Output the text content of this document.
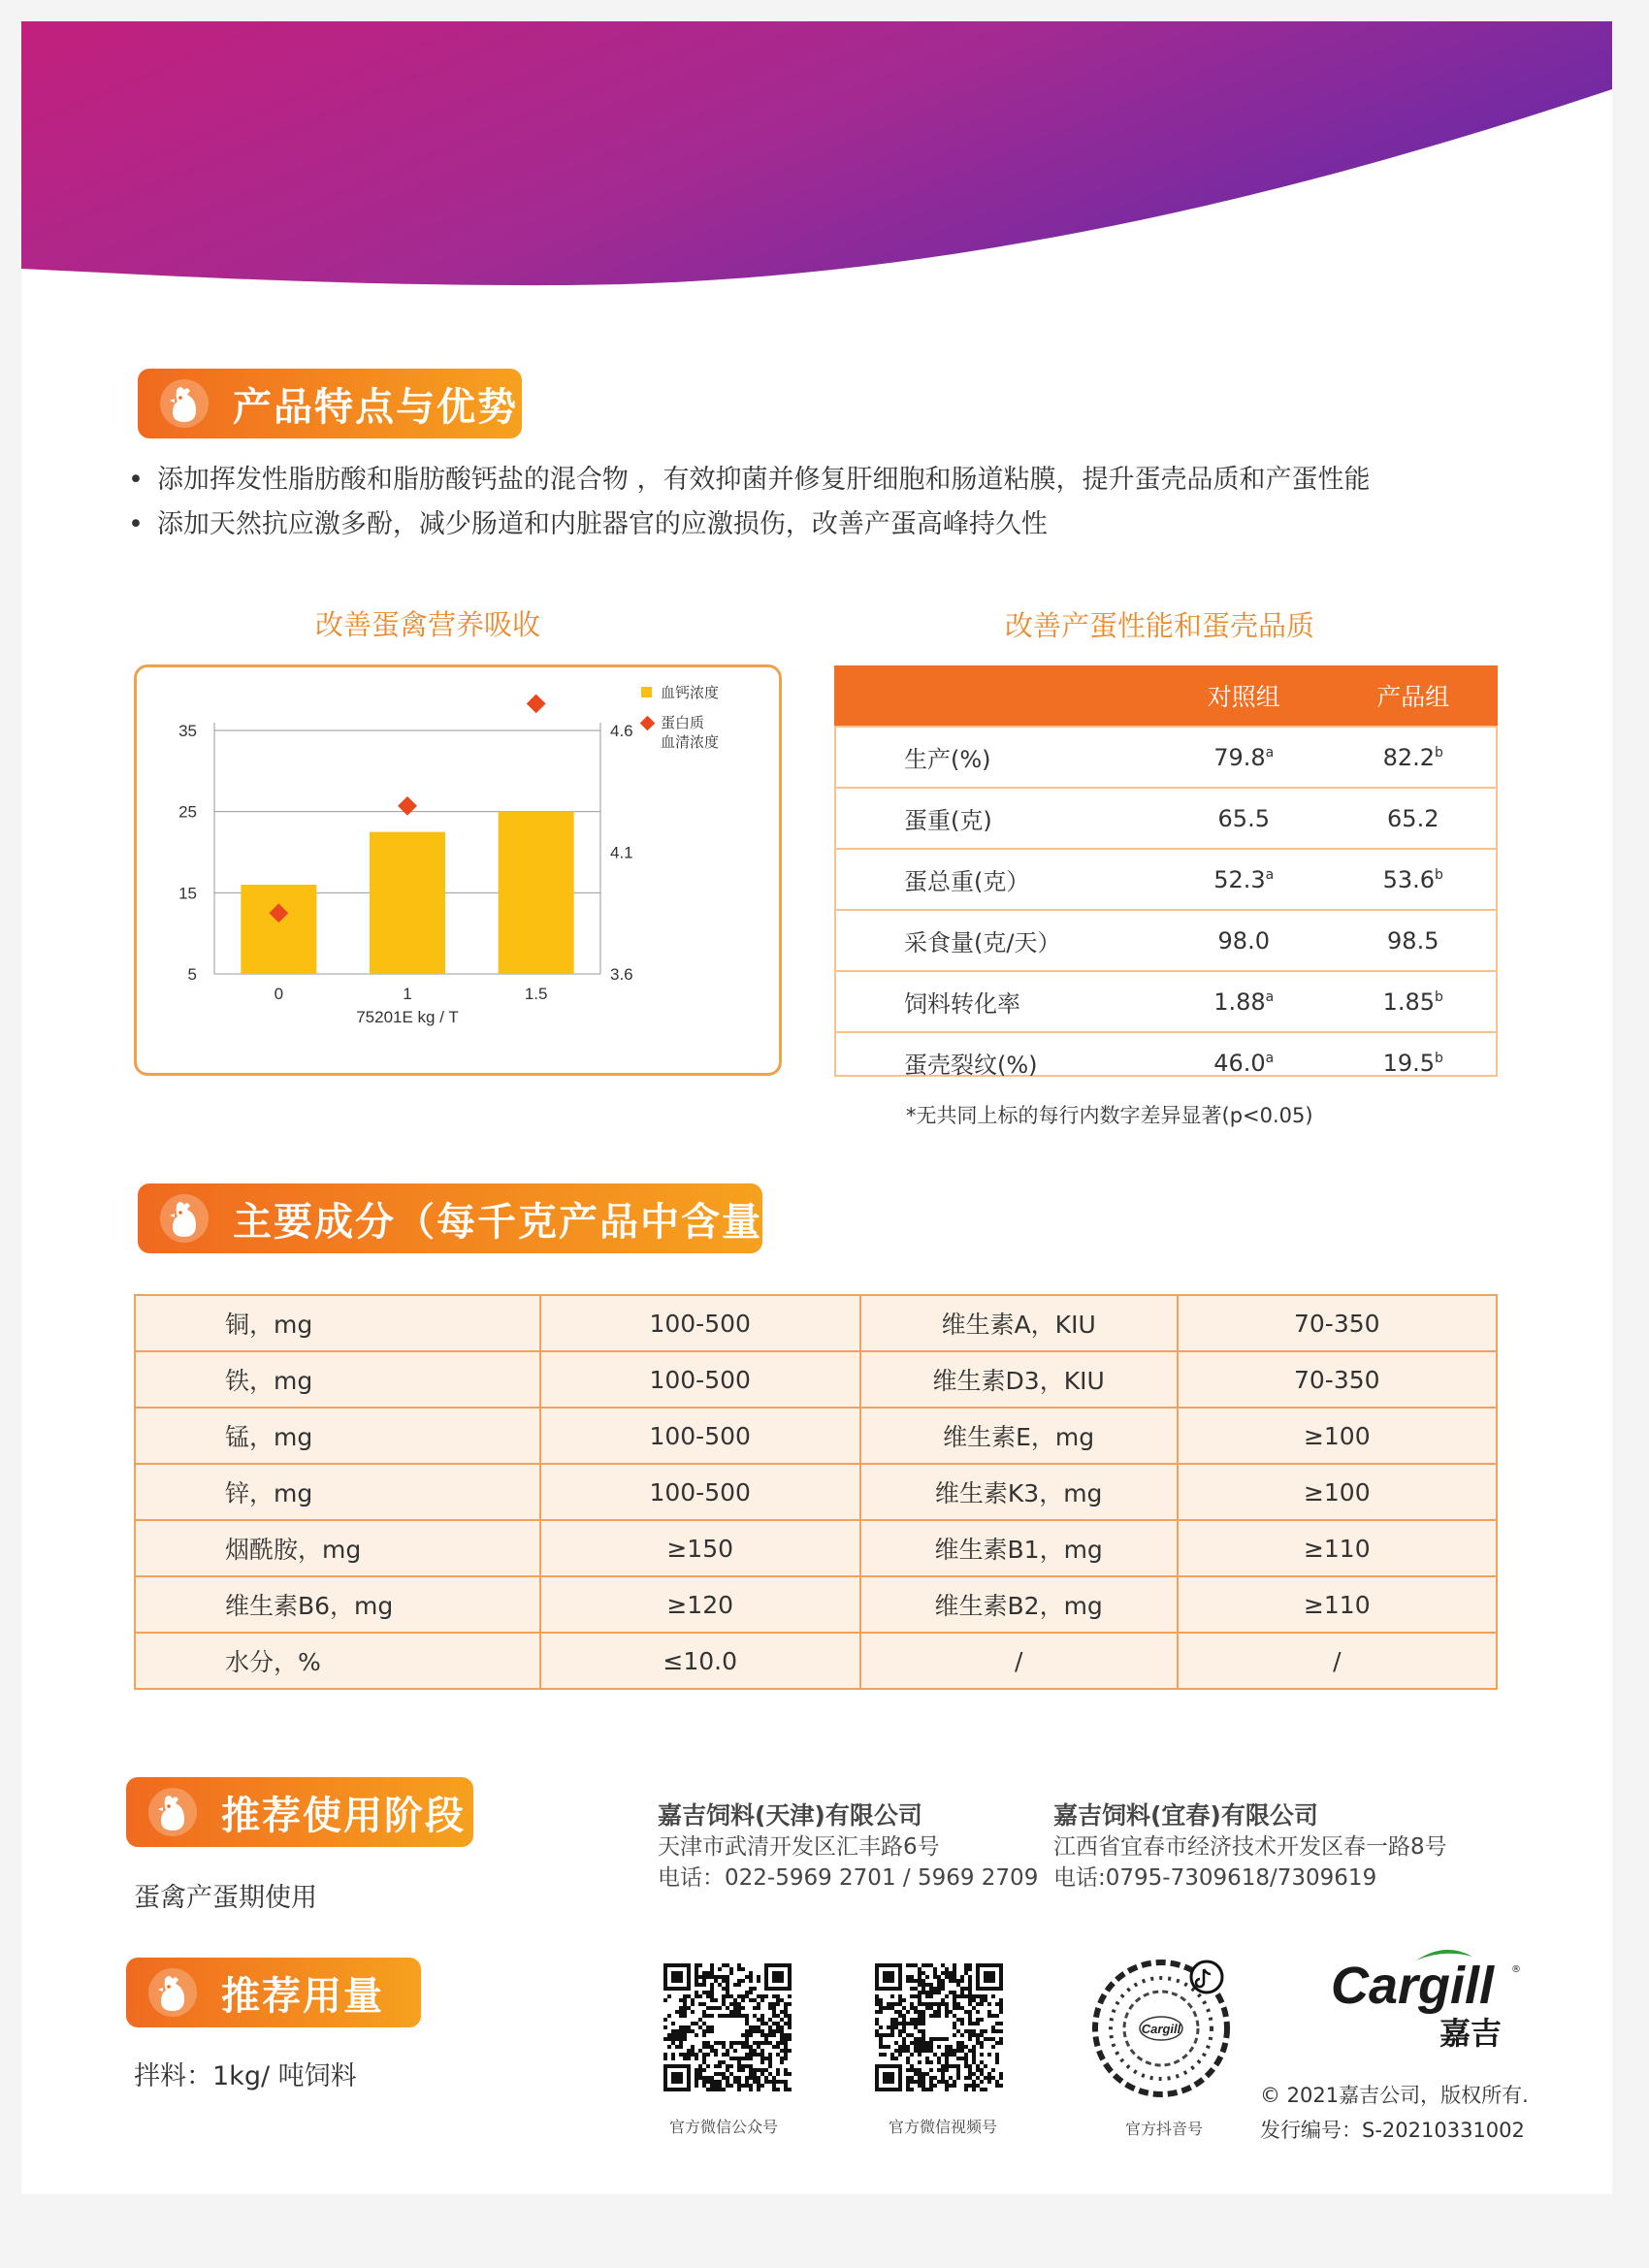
产品特点与优势
• 添加挥发性脂肪酸和脂肪酸钙盐的混合物 ，有效抑菌并修复肝细胞和肠道粘膜，提升蛋壳品质和产蛋性能
• 添加天然抗应激多酚，减少肠道和内脏器官的应激损伤，改善产蛋高峰持久性
改善蛋禽营养吸收	改善产蛋性能和蛋壳品质
35
25
15
5
4.6
4.1
3.6
0	1	1.5
75201E kg / T
血钙浓度
蛋白质
血清浓度
	对照组	产品组
生产(%)	79.8$^a$	82.2$^b$
蛋重(克)	65.5	65.2
蛋总重(克）	52.3$^a$	53.6$^b$
采食量(克/天）	98.0	98.5
饲料转化率	1.88$^a$	1.85$^b$
蛋壳裂纹(%)	46.0$^a$	19.5$^b$
*无共同上标的每行内数字差异显著(p<0.05)
主要成分（每千克产品中含量）
铜，mg	100-500	维生素A，KIU	70-350
铁，mg	100-500	维生素D3，KIU	70-350
锰，mg	100-500	维生素E，mg	≥100
锌，mg	100-500	维生素K3，mg	≥100
烟酰胺，mg	≥150	维生素B1，mg	≥110
维生素B6，mg	≥120	维生素B2，mg	≥110
水分，%	≤10.0	/	/
推荐使用阶段
蛋禽产蛋期使用
推荐用量
拌料：1kg/ 吨饲料
嘉吉饲料(天津)有限公司
天津市武清开发区汇丰路6号
电话：022-5969 2701 / 5969 2709
嘉吉饲料(宜春)有限公司
江西省宜春市经济技术开发区春一路8号
电话:0795-7309618/7309619
Cargill
官方微信公众号	官方微信视频号	官方抖音号
Cargill ®
嘉吉
© 2021嘉吉公司，版权所有.
发行编号：S-20210331002
